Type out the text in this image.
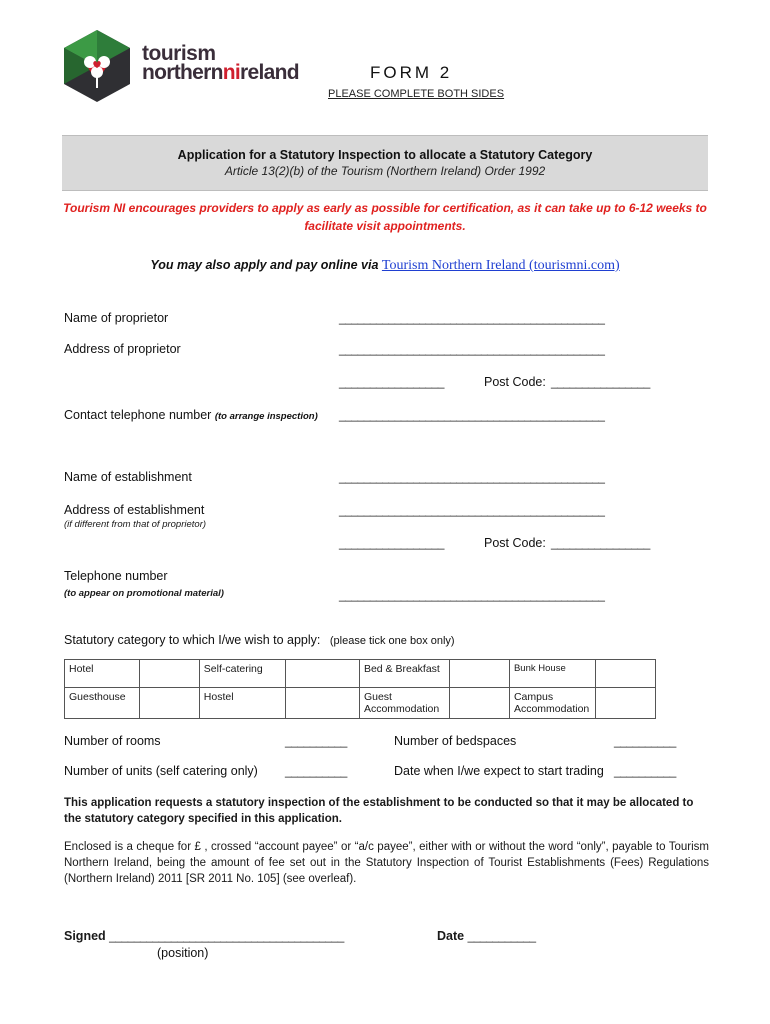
tourism
northernnireland	FORM 2
PLEASE COMPLETE BOTH SIDES
Application for a Statutory Inspection to allocate a Statutory Category
Article 13(2)(b) of the Tourism (Northern Ireland) Order 1992
Tourism NI encourages providers to apply as early as possible for certification, as it can take up to 6-12 weeks to facilitate visit appointments.
You may also apply and pay online via Tourism Northern Ireland (tourismni.com)
Name of proprietor	___________________________________________
Address of proprietor	___________________________________________
_________________	Post Code: ________________
Contact telephone number (to arrange inspection) ___________________________________________
Name of establishment	___________________________________________
Address of establishment
(if different from that of proprietor)
___________________________________________
_________________	Post Code: ________________
Telephone number
(to appear on promotional material)	___________________________________________
Statutory category to which I/we wish to apply: (please tick one box only)
Hotel		Self-catering		Bed & Breakfast		Bunk House	
Guesthouse		Hostel		Guest Accommodation		Campus Accommodation	
Number of rooms	__________	Number of bedspaces	__________
Number of units (self catering only) __________	Date when I/we expect to start trading __________
This application requests a statutory inspection of the establishment to be conducted so that it may be allocated to the statutory category specified in this application.
Enclosed is a cheque for £ , crossed “account payee” or “a/c payee”, either with or without the word “only”, payable to Tourism Northern Ireland, being the amount of fee set out in the Statutory Inspection of Tourist Establishments (Fees) Regulations (Northern Ireland) 2011 [SR 2011 No. 105] (see overleaf).
Signed ______________________________________	Date ___________
(position)
